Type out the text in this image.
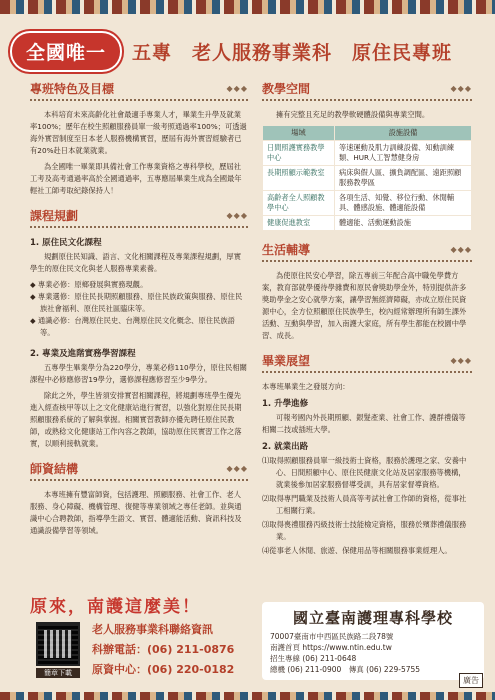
全國唯一	五專　老人服務事業科　原住民專班
專班特色及目標	◆◆◆

本科培育未來高齡化社會最適手專業人才，畢業生升學及就業率100%；歷年在校生照顧服務員單一級考照通過率100%；可透過海外實習制度至日本老人服務機構實習，歷屆有海外實習經驗者已有20%赴日本就業就業。

為全國唯一畢業即具備社會工作專業資格之專科學校，歷屆社工考及高考通過率高於全國通過率，五專應屆畢業生成為全國最年輕社工師考取紀錄保持人！

課程規劃	◆◆◆
1. 原住民文化課程

規劃原住民知識、語言、文化相關課程及專業課程規劃，厚實學生的原住民文化與老人服務專業素養。

◆ 專業必修：原鄉發展與實務現觀。
◆ 專業選修：原住民長期照顧服務、原住民族政策與服務、原住民族社會福利、原住民社區臨床等。
◆ 通識必修：台灣原住民史、台灣原住民文化概念、原住民族語等。
2. 專業及進階實務學習課程

五專學生畢業學分為220學分，專業必修110學分，原住民相關課程中必修應修習19學分，選修課程應修習至少9學分。

除此之外，學生皆須安排實習相關課程，將規劃專班學生優先進入經查核甲等以上之文化健康站進行實習，以強化對原住民長期照顧服務系統的了解與掌握。相關實習教師亦優先聘任原住民教師，或熟稔文化健康站工作內容之教師，協助原住民實習工作之落實，以順利接軌就業。

師資結構	◆◆◆

本專班擁有豐富師資，包括護理、照顧服務、社會工作、老人服務、身心障礙、機構管理、復健等專業領域之專任老師。並與通識中心合聘教師，指導學生語文、實習、體適能活動、資訊科技及通識設備學習等領域。

教學空間	◆◆◆

擁有完整且充足的教學軟硬體設備與專業空間。

場域	設施設備
日間照護實務教學中心	等速運動及肌力訓練設備、知動訓練類、HUR人工智慧健身房
長期照顧示範教室	病床與假人區、擴負調配區、遠距照顧服務教學區
高齡者全人照顧教學中心	各項生活、知覺、移位行動、休閒輔具、體感設施、體適能設備
健康促進教室	體適能、活動運動設施
生活輔導	◆◆◆

為使原住民安心學習，除五專前三年配合高中職免學費方案，教育部就學優待學雜費和原民會獎助學金外，特別提供許多獎助學金之安心就學方案，讓學習無經濟障礙，亦成立原住民資源中心，全方位照顧原住民族學生，校內經常辦理所有師生課外活動、互動與學習，加入南護大家庭，所有學生都能在校園中學習、成長。

畢業展望	◆◆◆

本專班畢業生之發展方向：

1. 升學進修

可報考國內外長期照顧、銀髮產業、社會工作、護群禮儀等相關二技或插班大學。

2. 就業出路
⑴取得照顧服務員單一級技術士資格，服務於護理之家、安養中心、日間照顧中心、原住民健康文化站及居家服務等機構，就業後參加居家服務督導受訓，具有居家督導資格。
⑵取得專門職業及技術人員高等考試社會工作師的資格，從事社工相關行業。
⑶取得喪禮服務丙級技術士技能檢定資格，服務於殯葬禮儀服務業。
⑷從事老人休閒、旅遊、保健用品等相關服務事業經理人。
原來，南護這麼美！
簡章下載
老人服務事業科聯絡資訊
科辦電話：(06) 211-0876
原資中心：(06) 220-0182
國立臺南護理專科學校
70007臺南市中西區民族路二段78號
南護首頁 https://www.ntin.edu.tw
招生專線 (06) 211-0648
總機 (06) 211-0900　傳真 (06) 229-5755
廣告
